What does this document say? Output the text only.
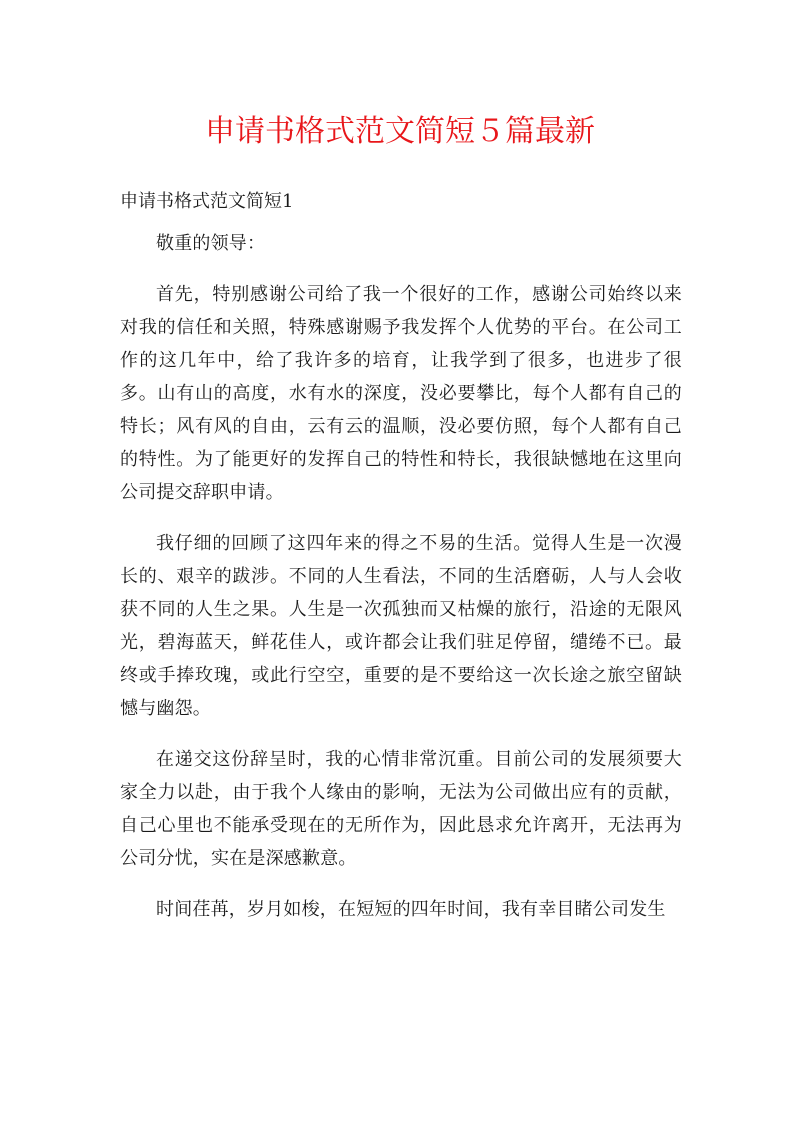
申请书格式范文简短５篇最新
申请书格式范文简短1

敬重的领导：

首先，特别感谢公司给了我一个很好的工作，感谢公司始终以来对我的信任和关照，特殊感谢赐予我发挥个人优势的平台。在公司工作的这几年中，给了我许多的培育，让我学到了很多，也进步了很多。山有山的高度，水有水的深度，没必要攀比，每个人都有自己的特长；风有风的自由，云有云的温顺，没必要仿照，每个人都有自己的特性。为了能更好的发挥自己的特性和特长，我很缺憾地在这里向公司提交辞职申请。

我仔细的回顾了这四年来的得之不易的生活。觉得人生是一次漫长的、艰辛的跋涉。不同的人生看法，不同的生活磨砺，人与人会收获不同的人生之果。人生是一次孤独而又枯燥的旅行，沿途的无限风光，碧海蓝天，鲜花佳人，或许都会让我们驻足停留，缱绻不已。最终或手捧玫瑰，或此行空空，重要的是不要给这一次长途之旅空留缺憾与幽怨。

在递交这份辞呈时，我的心情非常沉重。目前公司的发展须要大家全力以赴，由于我个人缘由的影响，无法为公司做出应有的贡献，自己心里也不能承受现在的无所作为，因此恳求允许离开，无法再为公司分忧，实在是深感歉意。

时间荏苒，岁月如梭，在短短的四年时间，我有幸目睹公司发生
